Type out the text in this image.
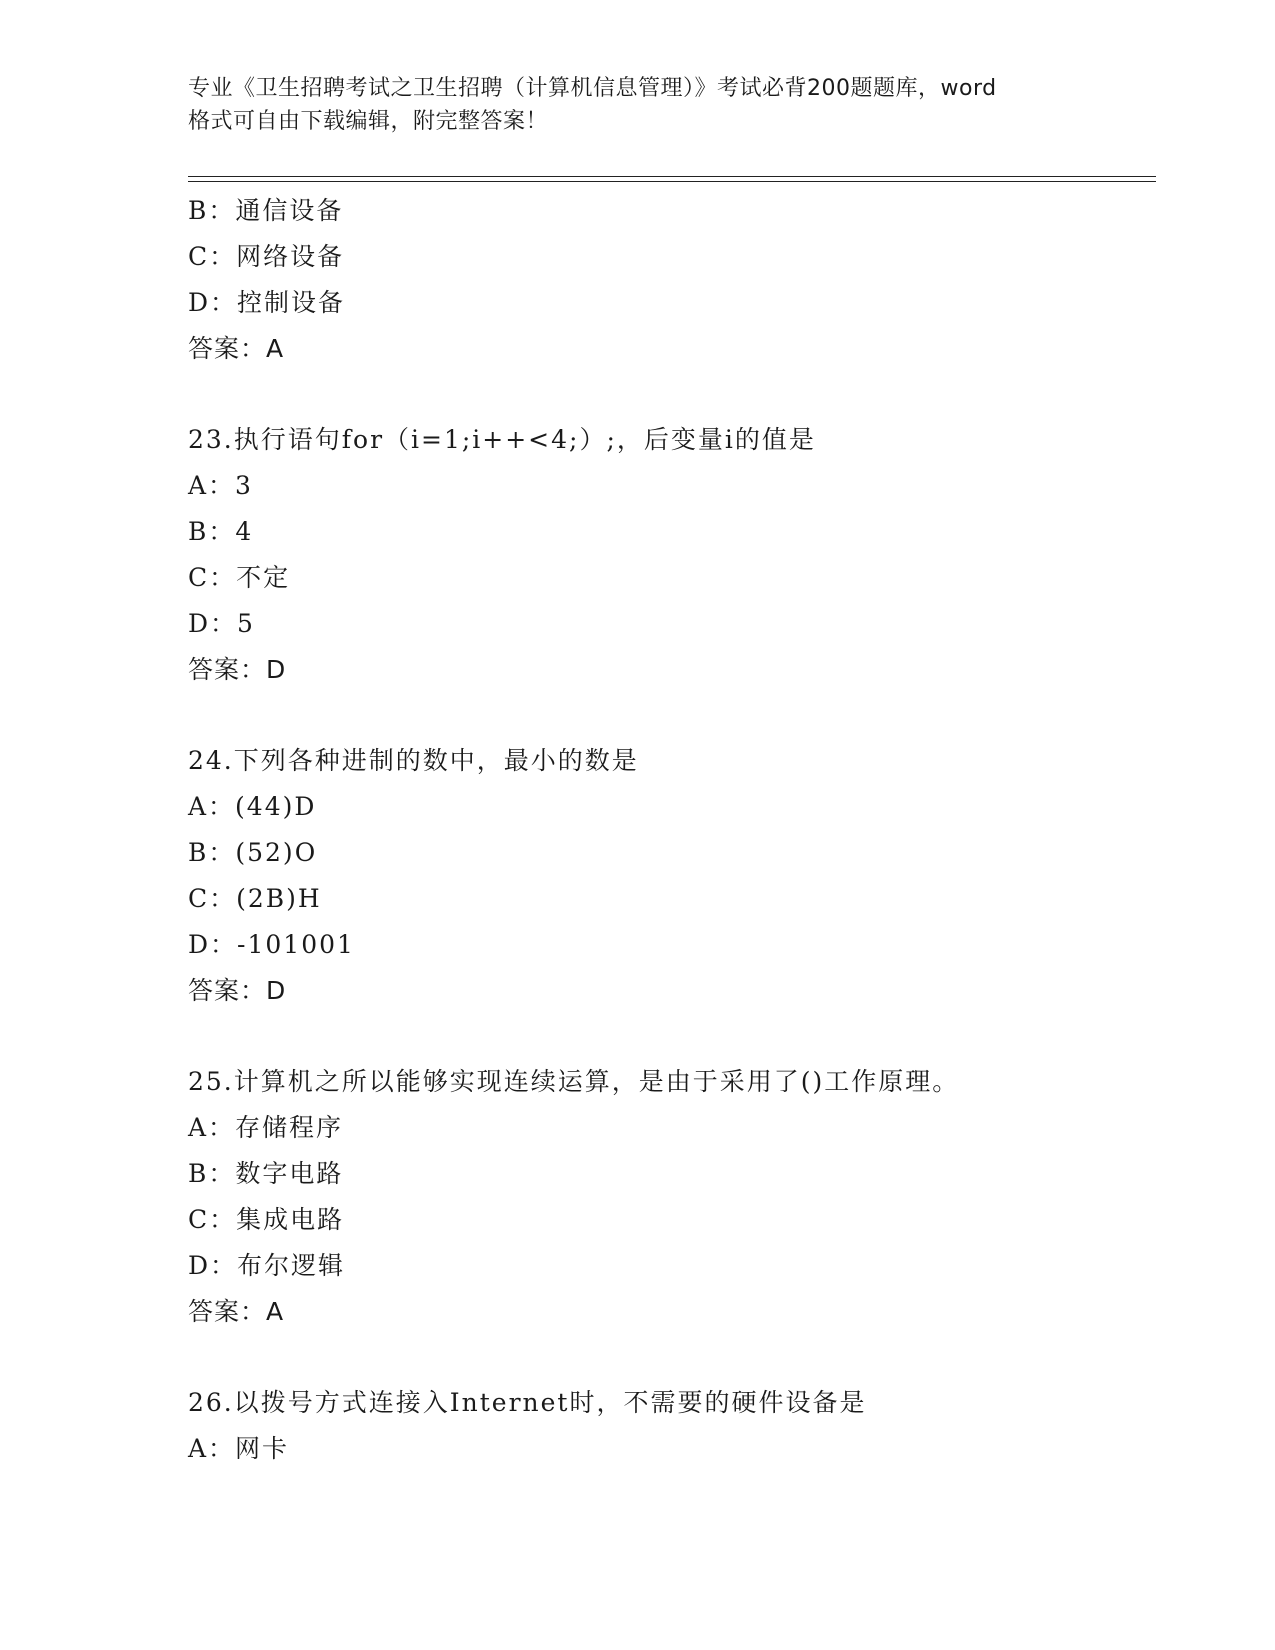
专业《卫生招聘考试之卫生招聘（计算机信息管理）》考试必背200题题库，word
格式可自由下载编辑，附完整答案！
B：通信设备
C：网络设备
D：控制设备
答案：A
23.执行语句for（i=1;i++<4;）;，后变量i的值是
A：3
B：4
C：不定
D：5
答案：D
24.下列各种进制的数中，最小的数是
A：(44)D
B：(52)O
C：(2B)H
D：-101001
答案：D
25.计算机之所以能够实现连续运算，是由于采用了()工作原理。
A：存储程序
B：数字电路
C：集成电路
D：布尔逻辑
答案：A
26.以拨号方式连接入Internet时，不需要的硬件设备是
A：网卡
